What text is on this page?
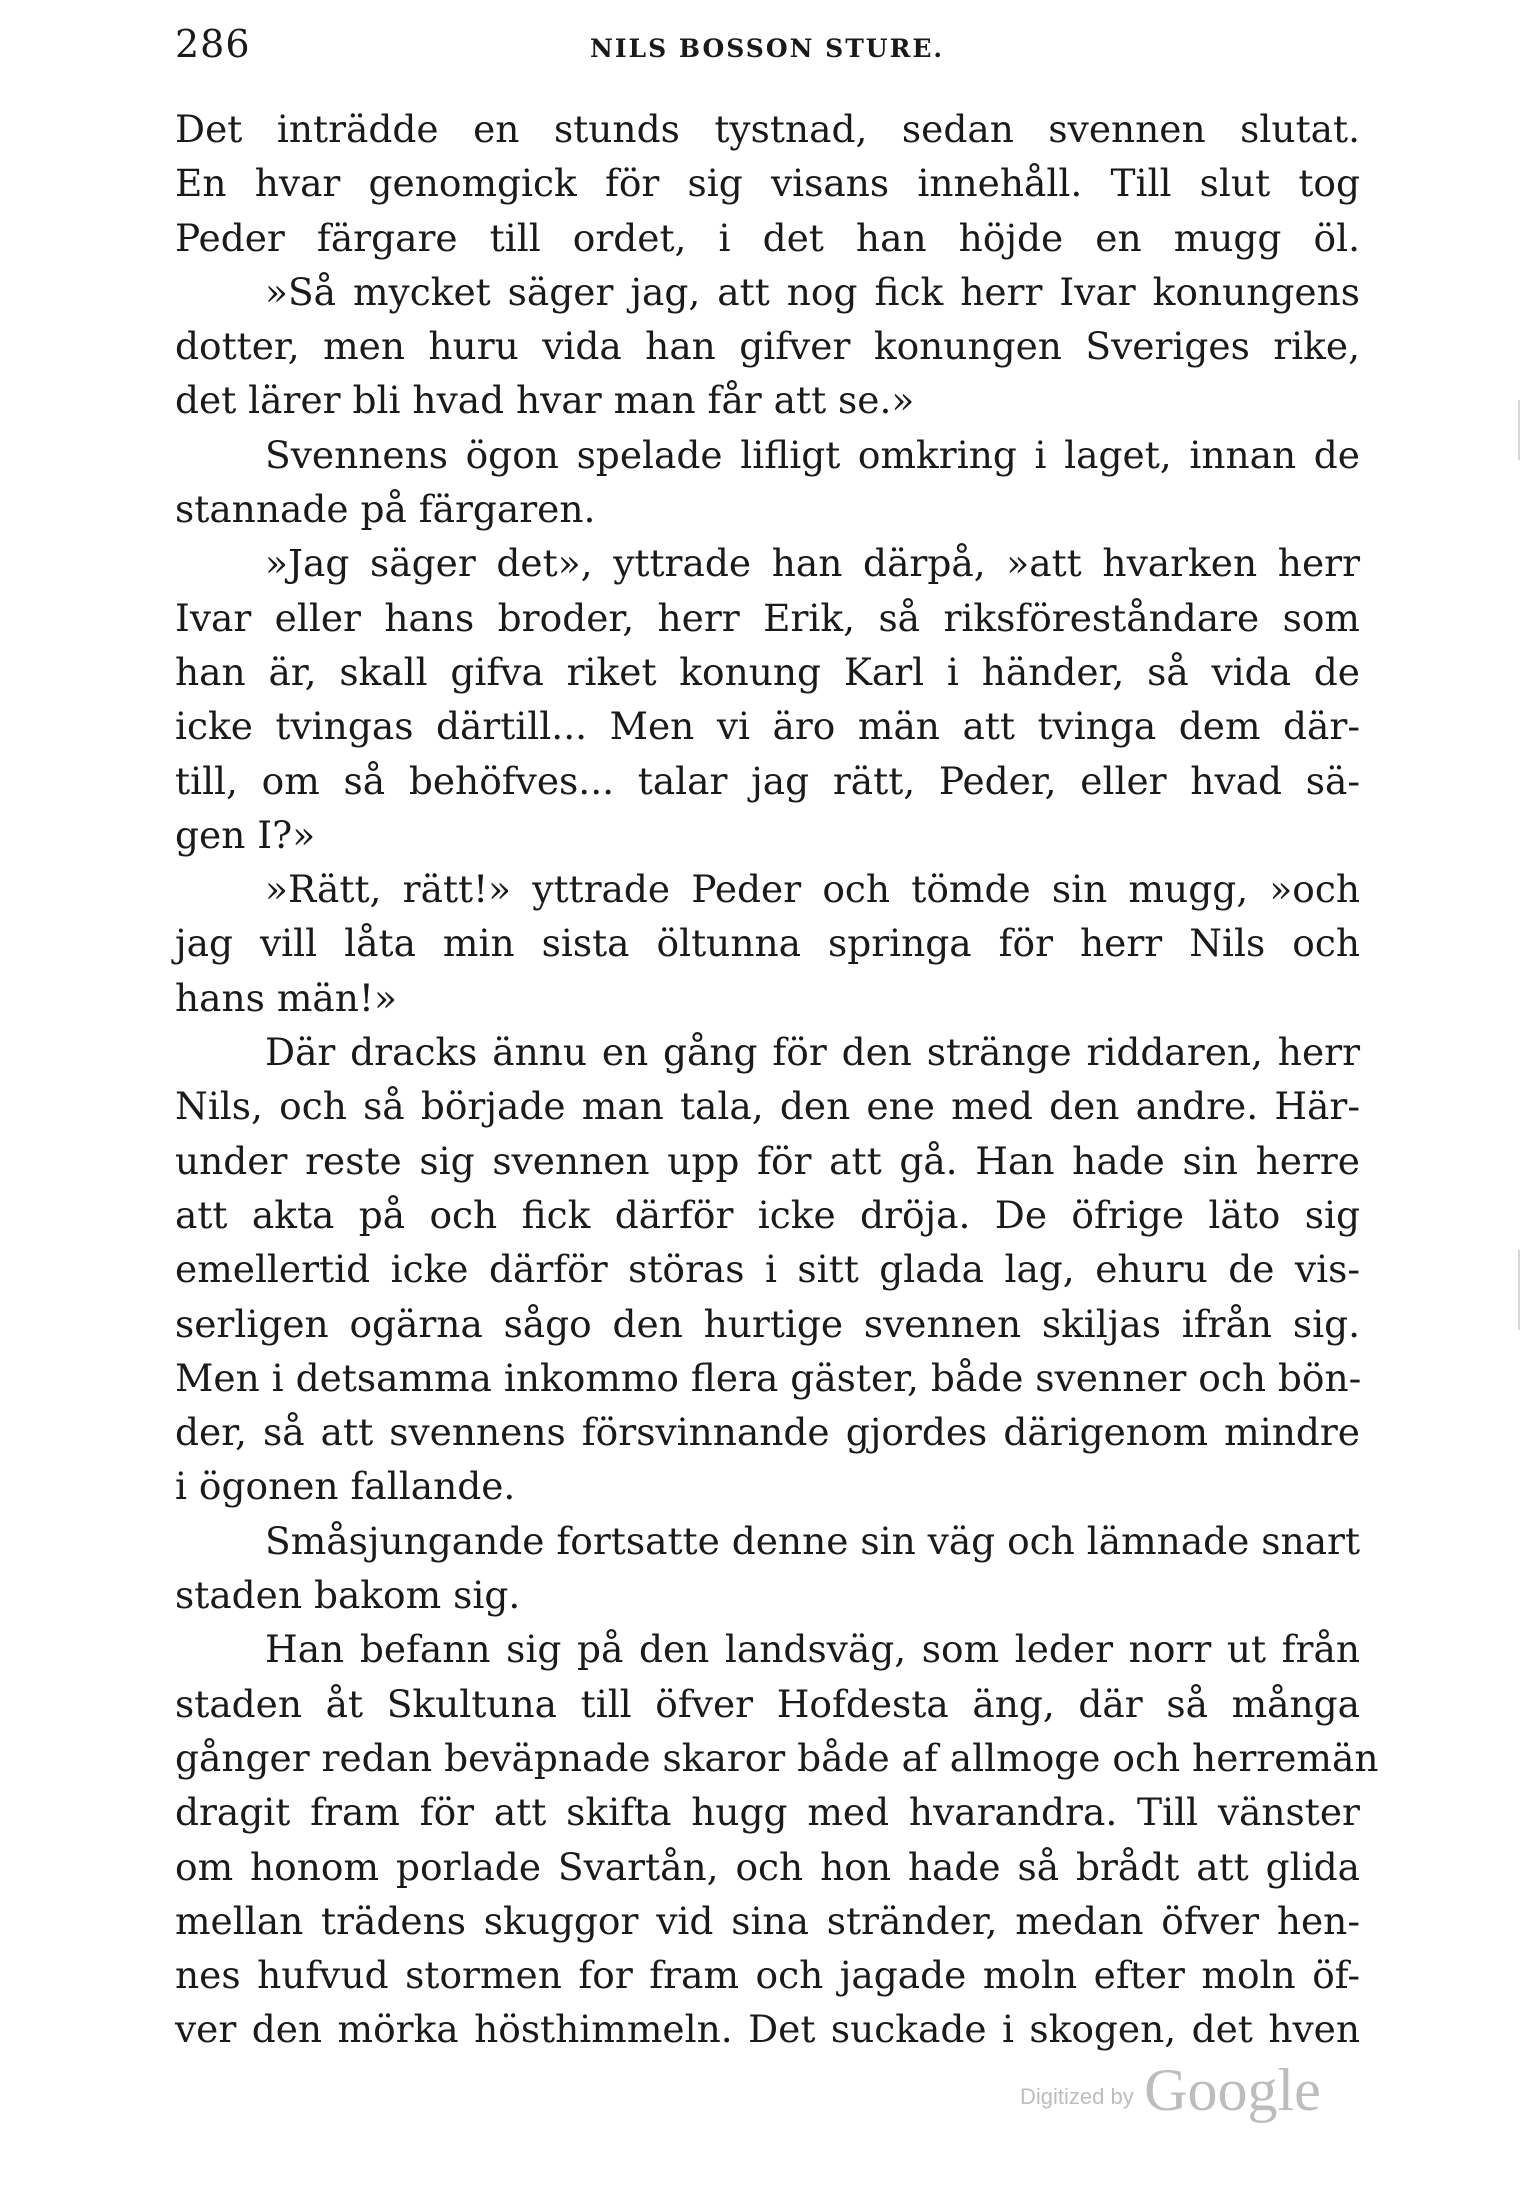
286	NILS BOSSON STURE.
Det inträdde en stunds tystnad, sedan svennen slutat.
En hvar genomgick för sig visans innehåll. Till slut tog
Peder färgare till ordet, i det han höjde en mugg öl.
»Så mycket säger jag, att nog fick herr Ivar konungens
dotter, men huru vida han gifver konungen Sveriges rike,
det lärer bli hvad hvar man får att se.»
Svennens ögon spelade lifligt omkring i laget, innan de
stannade på färgaren.
»Jag säger det», yttrade han därpå, »att hvarken herr
Ivar eller hans broder, herr Erik, så riksföreståndare som
han är, skall gifva riket konung Karl i händer, så vida de
icke tvingas därtill... Men vi äro män att tvinga dem där-
till, om så behöfves... talar jag rätt, Peder, eller hvad sä-
gen I?»
»Rätt, rätt!» yttrade Peder och tömde sin mugg, »och
jag vill låta min sista öltunna springa för herr Nils och
hans män!»
Där dracks ännu en gång för den stränge riddaren, herr
Nils, och så började man tala, den ene med den andre. Här-
under reste sig svennen upp för att gå. Han hade sin herre
att akta på och fick därför icke dröja. De öfrige läto sig
emellertid icke därför störas i sitt glada lag, ehuru de vis-
serligen ogärna sågo den hurtige svennen skiljas ifrån sig.
Men i detsamma inkommo flera gäster, både svenner och bön-
der, så att svennens försvinnande gjordes därigenom mindre
i ögonen fallande.
Småsjungande fortsatte denne sin väg och lämnade snart
staden bakom sig.
Han befann sig på den landsväg, som leder norr ut från
staden åt Skultuna till öfver Hofdesta äng, där så många
gånger redan beväpnade skaror både af allmoge och herremän
dragit fram för att skifta hugg med hvarandra. Till vänster
om honom porlade Svartån, och hon hade så brådt att glida
mellan trädens skuggor vid sina stränder, medan öfver hen-
nes hufvud stormen for fram och jagade moln efter moln öf-
ver den mörka hösthimmeln. Det suckade i skogen, det hven
Digitized by Google
